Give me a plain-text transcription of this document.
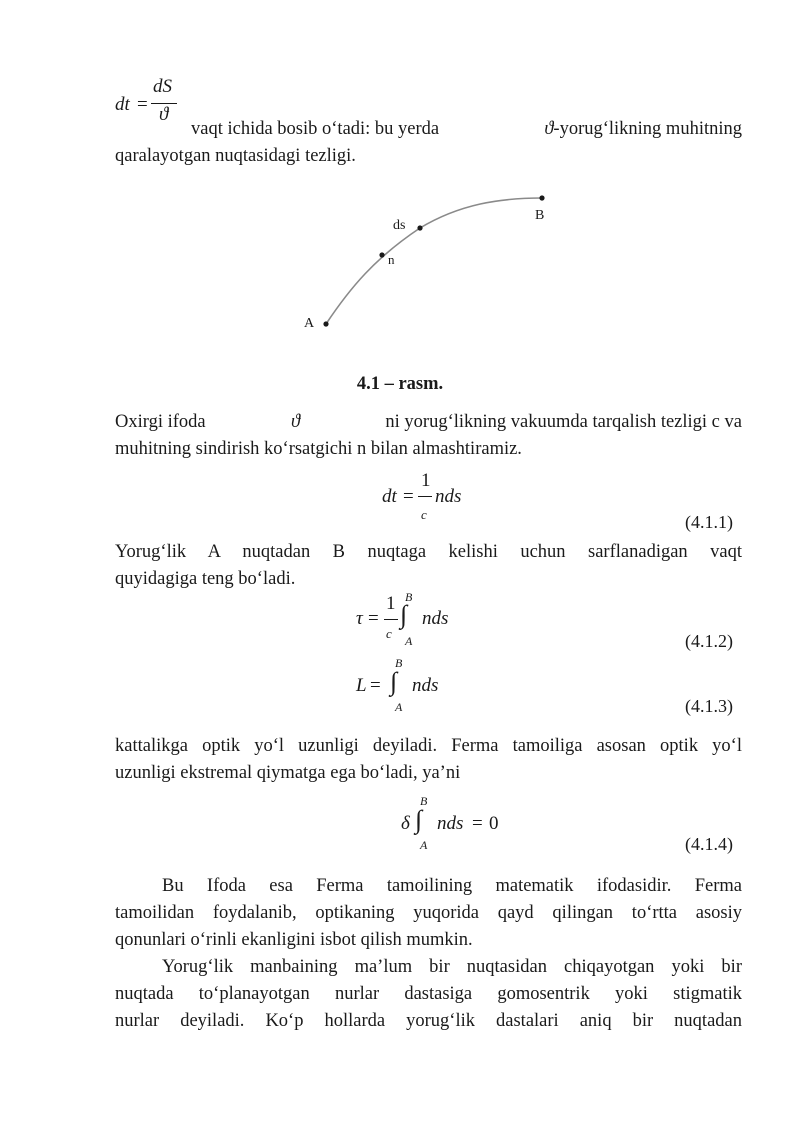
dt =
dS
ϑ
vaqt ichida bosib o‘tadi: bu yerda	ϑ -yorug‘likning muhitning
qaralayotgan nuqtasidagi tezligi.
A
B
ds
n
4.1 – rasm.
Oxirgi ifoda	ϑ	ni yorug‘likning vakuumda tarqalish tezligi c va
muhitning sindirish ko‘rsatgichi n bilan almashtiramiz.
dt =
1
c
nds
(4.1.1)
Yorug‘lik A nuqtadan B nuqtaga kelishi uchun sarflanadigan vaqt
quyidagiga teng bo‘ladi.
τ =
1
c
B
∫
A
nds
(4.1.2)
L =
B
∫
A
nds
(4.1.3)
kattalikga optik yo‘l uzunligi deyiladi. Ferma tamoiliga asosan optik yo‘l
uzunligi ekstremal qiymatga ega bo‘ladi, ya’ni
δ
B
∫
A
nds = 0
(4.1.4)
Bu Ifoda esa Ferma tamoilining matematik ifodasidir. Ferma
tamoilidan foydalanib, optikaning yuqorida qayd qilingan to‘rtta asosiy
qonunlari o‘rinli ekanligini isbot qilish mumkin.
Yorug‘lik manbaining ma’lum bir nuqtasidan chiqayotgan yoki bir
nuqtada to‘planayotgan nurlar dastasiga gomosentrik yoki stigmatik
nurlar deyiladi. Ko‘p hollarda yorug‘lik dastalari aniq bir nuqtadan
